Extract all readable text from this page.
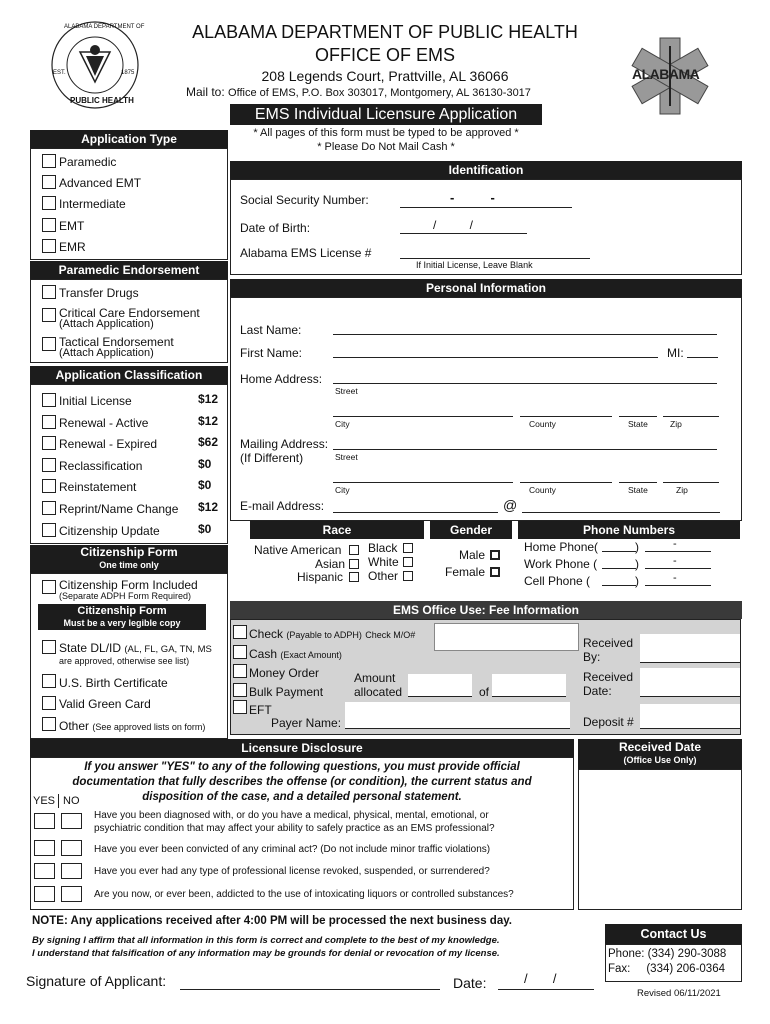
ALABAMA DEPARTMENT OF
EST.	1875
PUBLIC HEALTH
ALABAMA
ALABAMA DEPARTMENT OF PUBLIC HEALTH
OFFICE OF EMS
208 Legends Court, Prattville, AL 36066
Mail to: Office of EMS, P.O. Box 303017, Montgomery, AL 36130-3017
EMS Individual Licensure Application
* All pages of this form must be typed to be approved *
* Please Do Not Mail Cash *
Application Type
Paramedic
Advanced EMT
Intermediate
EMT
EMR
Paramedic Endorsement
Transfer Drugs
Critical Care Endorsement
(Attach Application)
Tactical Endorsement
(Attach Application)
Application Classification
Initial License	$12
Renewal - Active	$12
Renewal - Expired	$62
Reclassification	$0
Reinstatement	$0
Reprint/Name Change $12
Citizenship Update	$0
Citizenship Form
One time only
Citizenship Form Included
(Separate ADPH Form Required)
Citizenship Form
Must be a very legible copy
State DL/ID (AL, FL, GA, TN, MS
are approved, otherwise see list)
U.S. Birth Certificate
Valid Green Card
Other (See approved lists on form)
Identification
Social Security Number:	-          -
Date of Birth:	/          /
Alabama EMS License #
If Initial License, Leave Blank
Personal Information
Last Name:
First Name:	MI:
Home Address:
Street
City	County	State	Zip
Mailing Address:
(If Different)	Street
City	County	State	Zip
E-mail Address:	@
Race	Gender	Phone Numbers
Native American
Asian
Hispanic
Black
White
Other
Male
Female
Home Phone(	)	-
Work Phone (	)	-
Cell Phone (	)	-
EMS Office Use: Fee Information
Check (Payable to ADPH) Check M/O#
Cash (Exact Amount)
Money Order
Bulk Payment
EFT
Amount
allocated	of
Payer Name:
Received
By:
Received
Date:
Deposit #
Licensure Disclosure
If you answer "YES" to any of the following questions, you must provide official
documentation that fully describes the offense (or condition), the current status and
disposition of the case, and a detailed personal statement.
YES NO
Have you been diagnosed with, or do you have a medical, physical, mental, emotional, or
psychiatric condition that may affect your ability to safely practice as an EMS professional?
Have you ever been convicted of any criminal act? (Do not include minor traffic violations)
Have you ever had any type of professional license revoked, suspended, or surrendered?
Are you now, or ever been, addicted to the use of intoxicating liquors or controlled substances?
Received Date
(Office Use Only)
NOTE: Any applications received after 4:00 PM will be processed the next business day.
By signing I affirm that all information in this form is correct and complete to the best of my knowledge.
I understand that falsification of any information may be grounds for denial or revocation of my license.
Signature of Applicant:	Date:	/       /
Contact Us
Phone: (334) 290-3088
Fax:     (334) 206-0364
Revised 06/11/2021
